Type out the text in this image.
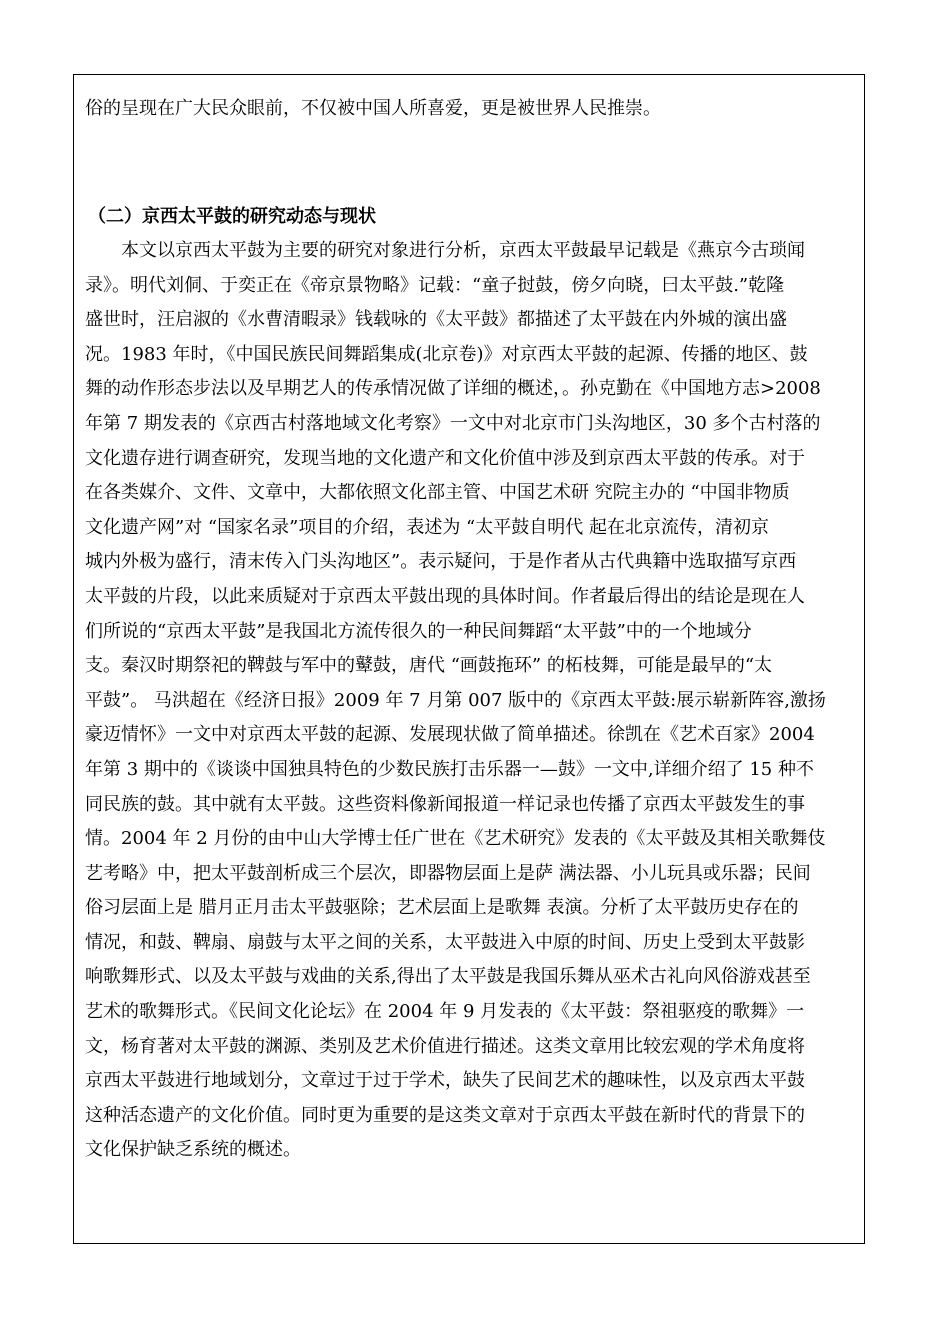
俗的呈现在广大民众眼前，不仅被中国人所喜爱，更是被世界人民推崇。
（二）京西太平鼓的研究动态与现状
本文以京西太平鼓为主要的研究对象进行分析，京西太平鼓最早记载是《燕京今古琐闻
录》。明代刘侗、于奕正在《帝京景物略》记载：“童子挝鼓，傍夕向晓，曰太平鼓.”乾隆
盛世时，汪启淑的《水曹清暇录》钱载咏的《太平鼓》都描述了太平鼓在内外城的演出盛
况。1983 年时，《中国民族民间舞蹈集成(北京卷)》对京西太平鼓的起源、传播的地区、鼓
舞的动作形态步法以及早期艺人的传承情况做了详细的概述，。孙克勤在《中国地方志>2008
年第 7 期发表的《京西古村落地域文化考察》一文中对北京市门头沟地区，30 多个古村落的
文化遗存进行调查研究，发现当地的文化遗产和文化价值中涉及到京西太平鼓的传承。对于
在各类媒介、文件、文章中，大都依照文化部主管、中国艺术研 究院主办的 “中国非物质
文化遗产网”对 “国家名录”项目的介绍，表述为 “太平鼓自明代 起在北京流传，清初京
城内外极为盛行，清末传入门头沟地区”。表示疑问，于是作者从古代典籍中选取描写京西
太平鼓的片段，以此来质疑对于京西太平鼓出现的具体时间。作者最后得出的结论是现在人
们所说的“京西太平鼓”是我国北方流传很久的一种民间舞蹈“太平鼓”中的一个地域分
支。秦汉时期祭祀的鞞鼓与军中的鼙鼓，唐代 “画鼓拖环” 的柘枝舞，可能是最早的“太
平鼓”。 马洪超在《经济日报》2009 年 7 月第 007 版中的《京西太平鼓:展示崭新阵容,激扬
豪迈情怀》一文中对京西太平鼓的起源、发展现状做了简单描述。徐凯在《艺术百家》2004
年第 3 期中的《谈谈中国独具特色的少数民族打击乐器一—鼓》一文中,详细介绍了 15 种不
同民族的鼓。其中就有太平鼓。这些资料像新闻报道一样记录也传播了京西太平鼓发生的事
情。2004 年 2 月份的由中山大学博士任广世在《艺术研究》发表的《太平鼓及其相关歌舞伎
艺考略》中，把太平鼓剖析成三个层次，即器物层面上是萨 满法器、小儿玩具或乐器；民间
俗习层面上是 腊月正月击太平鼓驱除；艺术层面上是歌舞 表演。分析了太平鼓历史存在的
情况，和鼓、鞞扇、扇鼓与太平之间的关系，太平鼓进入中原的时间、历史上受到太平鼓影
响歌舞形式、以及太平鼓与戏曲的关系,得出了太平鼓是我国乐舞从巫术古礼向风俗游戏甚至
艺术的歌舞形式。《民间文化论坛》在 2004 年 9 月发表的《太平鼓：祭祖驱疫的歌舞》一
文，杨育著对太平鼓的渊源、类别及艺术价值进行描述。这类文章用比较宏观的学术角度将
京西太平鼓进行地域划分，文章过于过于学术，缺失了民间艺术的趣味性，以及京西太平鼓
这种活态遗产的文化价值。同时更为重要的是这类文章对于京西太平鼓在新时代的背景下的
文化保护缺乏系统的概述。
